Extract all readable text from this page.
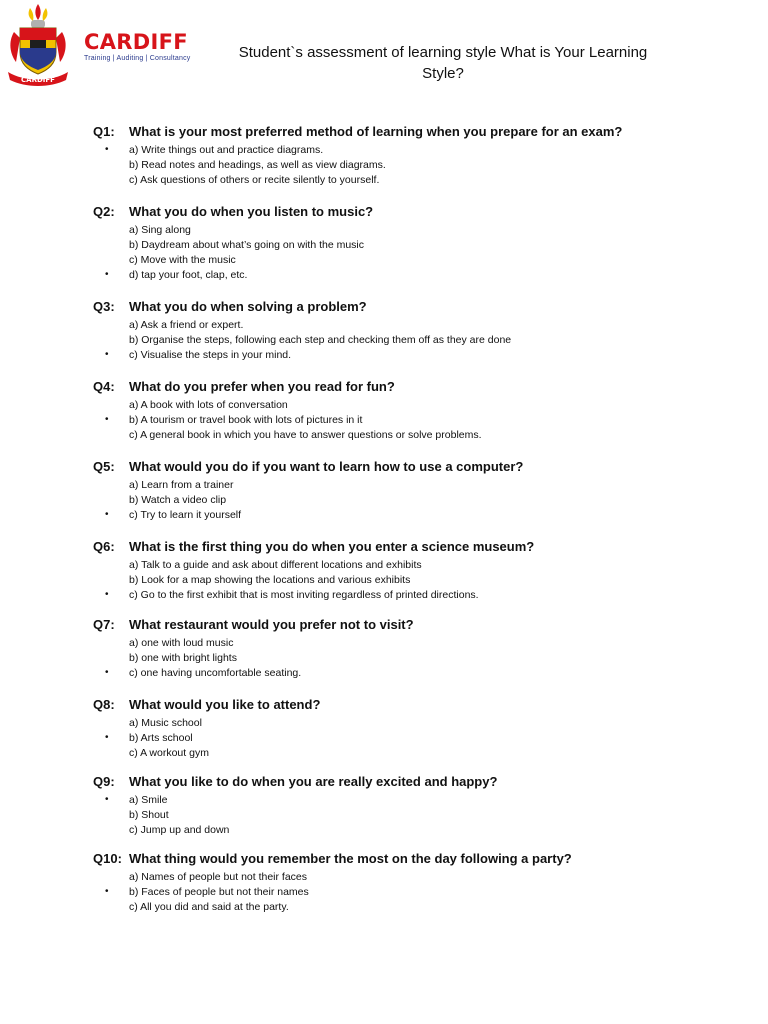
CARDIFF
CARDIFF
Training | Auditing | Consultancy	Student`s assessment of learning style What is Your Learning
Style?
Q1: What is your most preferred method of learning when you prepare for an exam?
• a) Write things out and practice diagrams.
b) Read notes and headings, as well as view diagrams.
c) Ask questions of others or recite silently to yourself.
Q2: What you do when you listen to music?
a) Sing along
b) Daydream about what’s going on with the music
c) Move with the music
• d) tap your foot, clap, etc.
Q3: What you do when solving a problem?
a) Ask a friend or expert.
b) Organise the steps, following each step and checking them off as they are done
• c) Visualise the steps in your mind.
Q4: What do you prefer when you read for fun?
a) A book with lots of conversation
• b) A tourism or travel book with lots of pictures in it
c) A general book in which you have to answer questions or solve problems.
Q5: What would you do if you want to learn how to use a computer?
a) Learn from a trainer
b) Watch a video clip
• c) Try to learn it yourself
Q6: What is the first thing you do when you enter a science museum?
a) Talk to a guide and ask about different locations and exhibits
b) Look for a map showing the locations and various exhibits
• c) Go to the first exhibit that is most inviting regardless of printed directions.
Q7: What restaurant would you prefer not to visit?
a) one with loud music
b) one with bright lights
• c) one having uncomfortable seating.
Q8: What would you like to attend?
a) Music school
• b) Arts school
c) A workout gym
Q9: What you like to do when you are really excited and happy?
• a) Smile
b) Shout
c) Jump up and down
Q10: What thing would you remember the most on the day following a party?
a) Names of people but not their faces
• b) Faces of people but not their names
c) All you did and said at the party.
